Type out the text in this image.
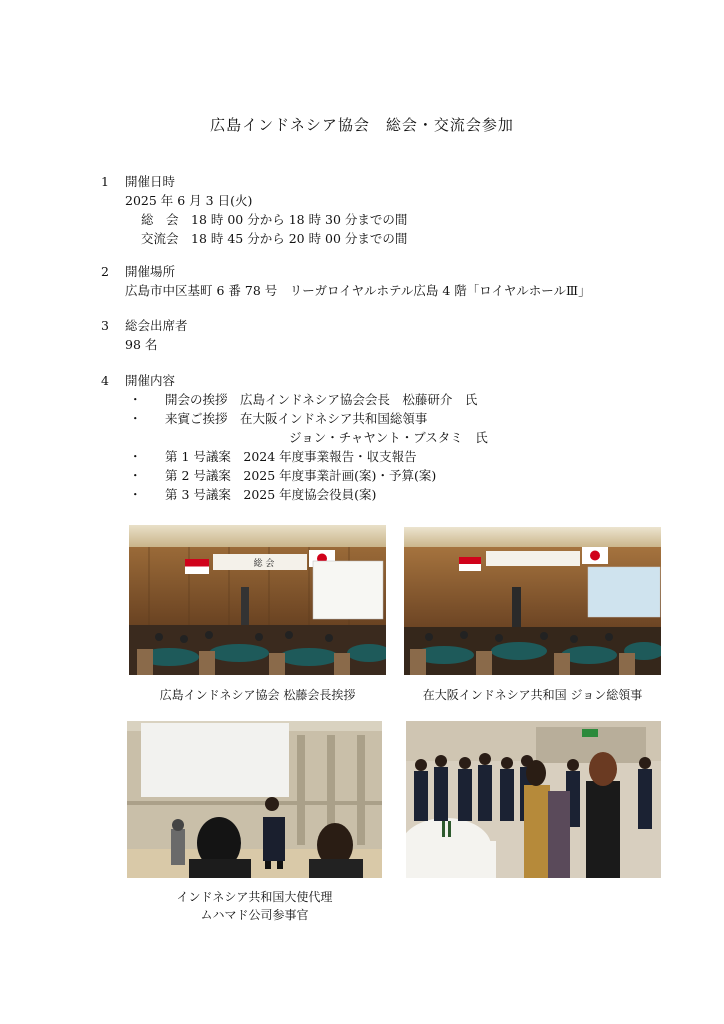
広島インドネシア協会　総会・交流会参加
1	開催日時
2025 年 6 月 3 日(火)
総　会　18 時 00 分から 18 時 30 分までの間
交流会　18 時 45 分から 20 時 00 分までの間
2	開催場所
広島市中区基町 6 番 78 号　リーガロイヤルホテル広島 4 階「ロイヤルホールⅢ」
3	総会出席者
98 名
4	開催内容
・	開会の挨拶　広島インドネシア協会会長　松藤研介　氏
・	来賓ご挨拶　在大阪インドネシア共和国総領事
ジョン・チャヤント・ブスタミ　氏
・	第 1 号議案　2024 年度事業報告・収支報告
・	第 2 号議案　2025 年度事業計画(案)・予算(案)
・	第 3 号議案　2025 年度協会役員(案)
総 会
広島インドネシア協会 松藤会長挨拶	在大阪インドネシア共和国 ジョン総領事
インドネシア共和国大使代理
ムハマド公司参事官
